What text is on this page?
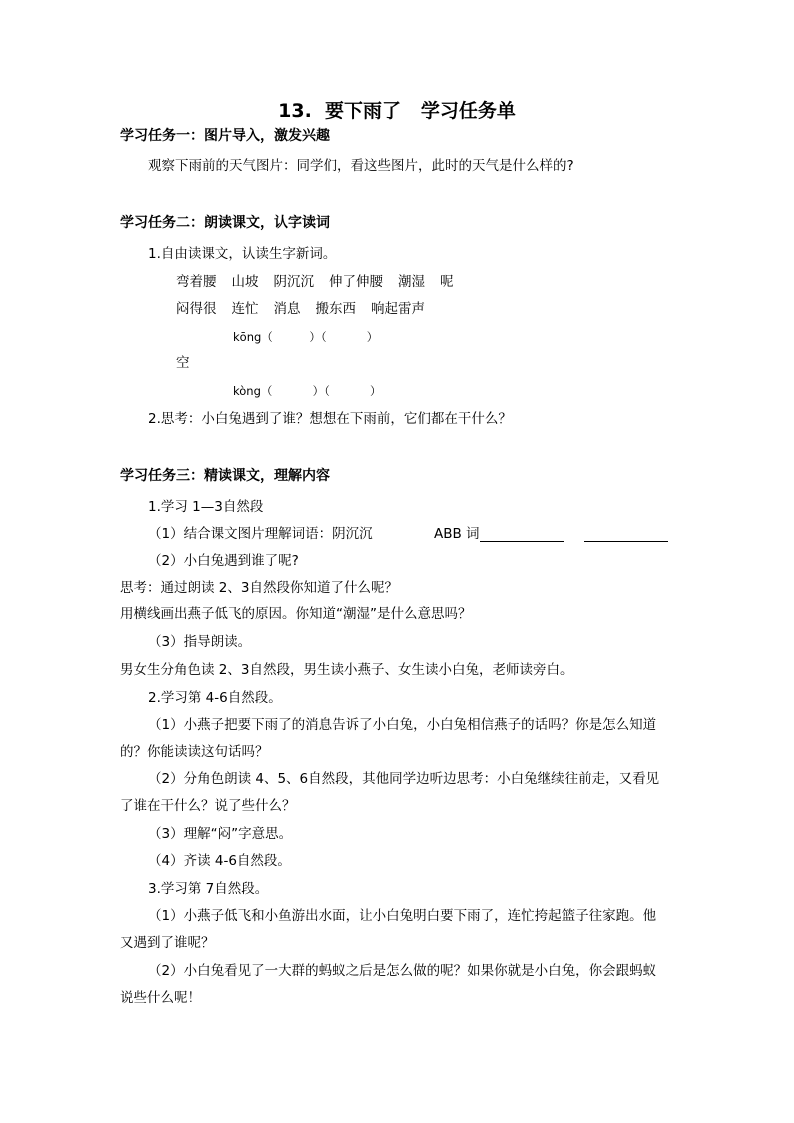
13.  要下雨了   学习任务单
学习任务一：图片导入，激发兴趣
观察下雨前的天气图片：同学们，看这些图片，此时的天气是什么样的?
学习任务二：朗读课文，认字读词
1.自由读课文，认读生字新词。
弯着腰 山坡 阴沉沉 伸了伸腰 潮湿 呢
闷得很 连忙 消息 搬东西 响起雷声
kōng（          ）（           ）
空
kòng（           ）（           ）
2.思考：小白兔遇到了谁？想想在下雨前，它们都在干什么？
学习任务三：精读课文，理解内容
1.学习 1—3自然段
（1）结合课文图片理解词语：阴沉沉	ABB 词
（2）小白兔遇到谁了呢?
思考：通过朗读 2、3自然段你知道了什么呢？
用横线画出燕子低飞的原因。你知道“潮湿”是什么意思吗？
（3）指导朗读。
男女生分角色读 2、3自然段，男生读小燕子、女生读小白兔，老师读旁白。
2.学习第 4-6自然段。
（1）小燕子把要下雨了的消息告诉了小白兔，小白兔相信燕子的话吗？你是怎么知道
的？你能读读这句话吗？
（2）分角色朗读 4、5、6自然段，其他同学边听边思考：小白兔继续往前走，又看见
了谁在干什么？说了些什么？
（3）理解“闷”字意思。
（4）齐读 4-6自然段。
3.学习第 7自然段。
（1）小燕子低飞和小鱼游出水面，让小白兔明白要下雨了，连忙挎起篮子往家跑。他
又遇到了谁呢？
（2）小白兔看见了一大群的蚂蚁之后是怎么做的呢？如果你就是小白兔，你会跟蚂蚁
说些什么呢！
